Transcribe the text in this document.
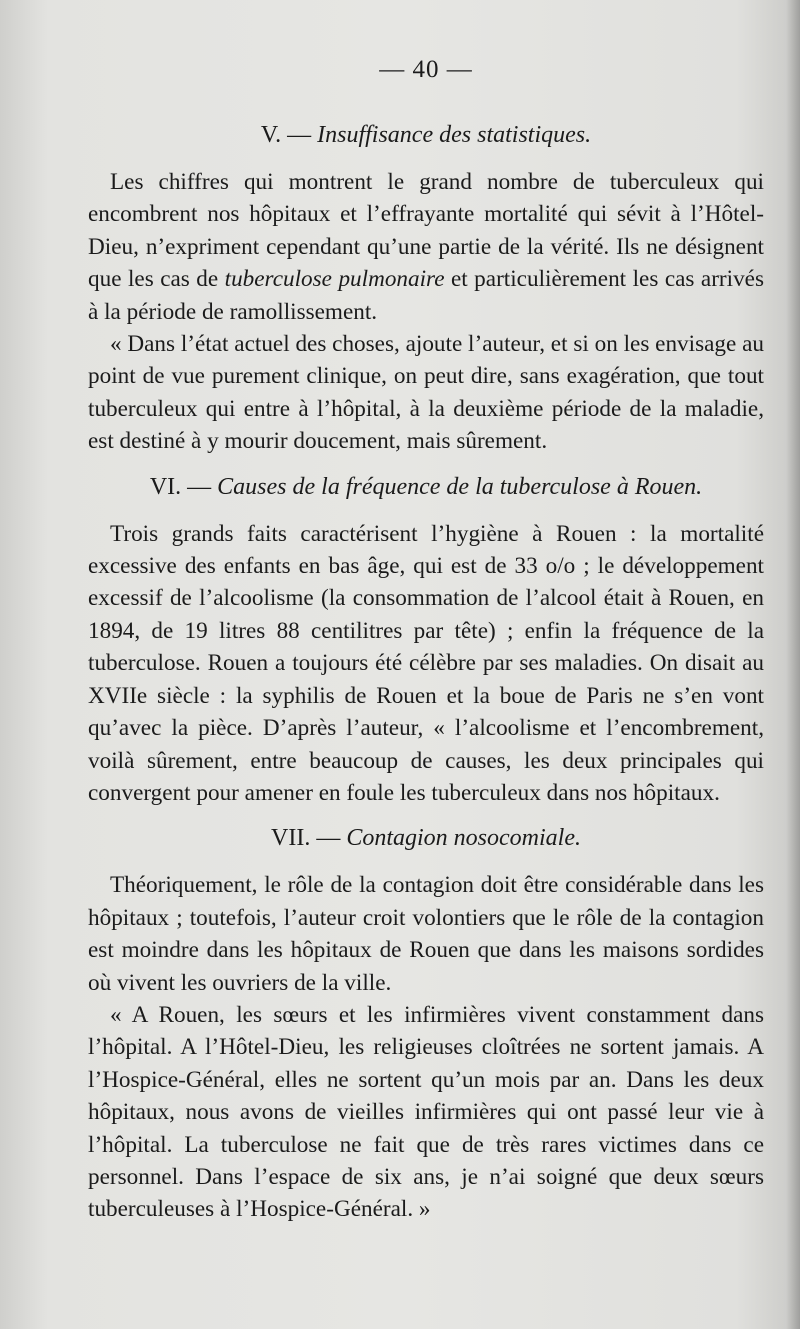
— 40 —
V. — Insuffisance des statistiques.

Les chiffres qui montrent le grand nombre de tuberculeux qui encombrent nos hôpitaux et l’effrayante mortalité qui sévit à l’Hôtel-Dieu, n’expriment cependant qu’une partie de la vérité. Ils ne désignent que les cas de tuberculose pulmonaire et particulièrement les cas arrivés à la période de ramollissement.

« Dans l’état actuel des choses, ajoute l’auteur, et si on les envisage au point de vue purement clinique, on peut dire, sans exagération, que tout tuberculeux qui entre à l’hôpital, à la deuxième période de la maladie, est destiné à y mourir doucement, mais sûrement.

VI. — Causes de la fréquence de la tuberculose à Rouen.

Trois grands faits caractérisent l’hygiène à Rouen : la mortalité excessive des enfants en bas âge, qui est de 33 o/o ; le développement excessif de l’alcoolisme (la consommation de l’alcool était à Rouen, en 1894, de 19 litres 88 centilitres par tête) ; enfin la fréquence de la tuberculose. Rouen a toujours été célèbre par ses maladies. On disait au XVIIe siècle : la syphilis de Rouen et la boue de Paris ne s’en vont qu’avec la pièce. D’après l’auteur, « l’alcoolisme et l’encombrement, voilà sûrement, entre beaucoup de causes, les deux principales qui convergent pour amener en foule les tuberculeux dans nos hôpitaux.

VII. — Contagion nosocomiale.

Théoriquement, le rôle de la contagion doit être considérable dans les hôpitaux ; toutefois, l’auteur croit volontiers que le rôle de la contagion est moindre dans les hôpitaux de Rouen que dans les maisons sordides où vivent les ouvriers de la ville.

« A Rouen, les sœurs et les infirmières vivent constamment dans l’hôpital. A l’Hôtel-Dieu, les religieuses cloîtrées ne sortent jamais. A l’Hospice-Général, elles ne sortent qu’un mois par an. Dans les deux hôpitaux, nous avons de vieilles infirmières qui ont passé leur vie à l’hôpital. La tuberculose ne fait que de très rares victimes dans ce personnel. Dans l’espace de six ans, je n’ai soigné que deux sœurs tuberculeuses à l’Hospice-Général. »
